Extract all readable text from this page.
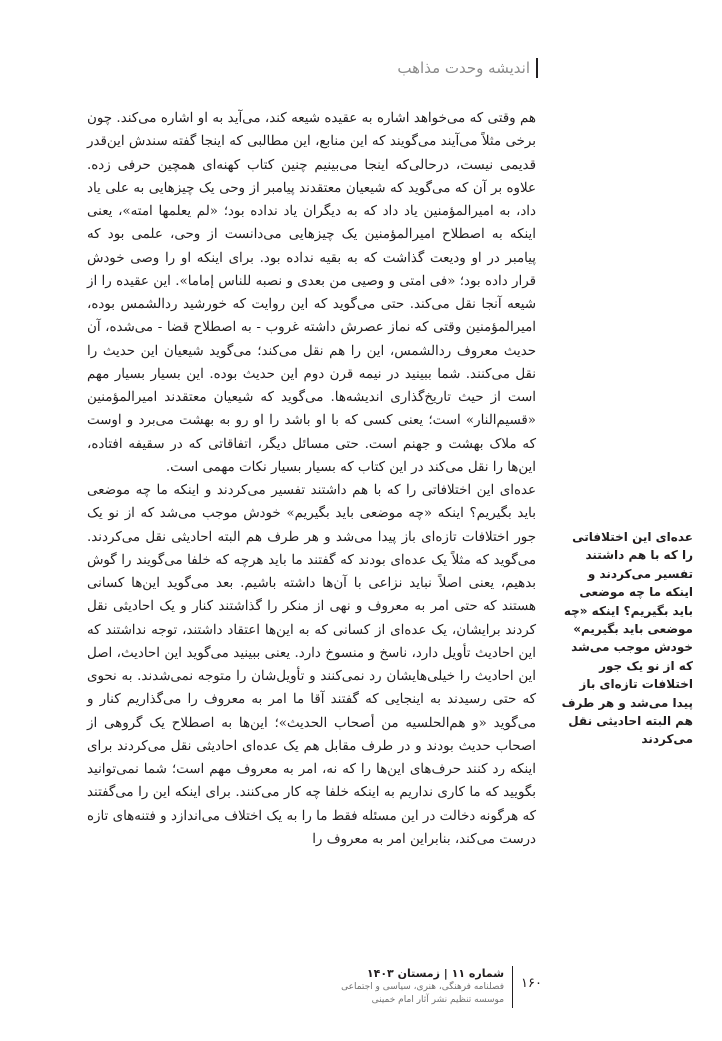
اندیشه وحدت مذاهب

هم وقتی که می‌خواهد اشاره به عقیده شیعه کند، می‌آید به او اشاره می‌کند. چون برخی مثلاً می‌آیند می‌گویند که این منابع، این مطالبی که اینجا گفته سندش این‌قدر قدیمی نیست، درحالی‌که اینجا می‌بینیم چنین کتاب کهنه‌ای همچین حرفی زده. علاوه بر آن که می‌گوید که شیعیان معتقدند پیامبر از وحی یک چیزهایی به علی یاد داد، به امیرالمؤمنین یاد داد که به دیگران یاد نداده بود؛ «لم یعلمها امته»، یعنی اینکه به اصطلاح امیرالمؤمنین یک چیزهایی می‌دانست از وحی، علمی بود که پیامبر در او ودیعت گذاشت که به بقیه نداده بود. برای اینکه او را وصی خودش قرار داده بود؛ «فی امتی و وصیی من بعدی و نصبه للناس إماما». این عقیده را از شیعه آنجا نقل می‌کند. حتی می‌گوید که این روایت که خورشید ردالشمس بوده، امیرالمؤمنین وقتی که نماز عصرش داشته غروب - به اصطلاح قضا - می‌شده، آن حدیث معروف ردالشمس، این را هم نقل می‌کند؛ می‌گوید شیعیان این حدیث را نقل می‌کنند. شما ببینید در نیمه قرن دوم این حدیث بوده. این بسیار بسیار مهم است از حیث تاریخ‌گذاری اندیشه‌ها. می‌گوید که شیعیان معتقدند امیرالمؤمنین «قسیم‌النار» است؛ یعنی کسی که با او باشد را او رو به بهشت می‌برد و اوست که ملاک بهشت و جهنم است. حتی مسائل دیگر، اتفاقاتی که در سقیفه افتاده، این‌ها را نقل می‌کند در این کتاب که بسیار بسیار نکات مهمی است.

عده‌ای این اختلافاتی را که با هم داشتند تفسیر می‌کردند و اینکه ما چه موضعی باید بگیریم؟ اینکه «چه موضعی باید بگیریم» خودش موجب می‌شد که از نو یک جور اختلافات تازه‌ای باز پیدا می‌شد و هر طرف هم البته احادیثی نقل می‌کردند. می‌گوید که مثلاً یک عده‌ای بودند که گفتند ما باید هرچه که خلفا می‌گویند را گوش بدهیم، یعنی اصلاً نباید نزاعی با آن‌ها داشته باشیم. بعد می‌گوید این‌ها کسانی هستند که حتی امر به معروف و نهی از منکر را گذاشتند کنار و یک احادیثی نقل کردند برایشان، یک عده‌ای از کسانی که به این‌ها اعتقاد داشتند، توجه نداشتند که این احادیث تأویل دارد، ناسخ و منسوخ دارد. یعنی ببینید می‌گوید این احادیث، اصل این احادیث را خیلی‌هایشان رد نمی‌کنند و تأویل‌شان را متوجه نمی‌شدند. به نحوی که حتی رسیدند به اینجایی که گفتند آقا ما امر به معروف را می‌گذاریم کنار و می‌گوید «و هم‌الحلسیه من أصحاب الحدیث»؛ این‌ها به اصطلاح یک گروهی از اصحاب حدیث بودند و در طرف مقابل هم یک عده‌ای احادیثی نقل می‌کردند برای اینکه رد کنند حرف‌های این‌ها را که نه، امر به معروف مهم است؛ شما نمی‌توانید بگویید که ما کاری نداریم به اینکه خلفا چه کار می‌کنند. برای اینکه این را می‌گفتند که هرگونه دخالت در این مسئله فقط ما را به یک اختلاف می‌اندازد و فتنه‌های تازه درست می‌کند، بنابراین امر به معروف را

عده‌ای این اختلافاتی را که با هم داشتند تفسیر می‌کردند و اینکه ما چه موضعی باید بگیریم؟ اینکه «چه موضعی باید بگیریم» خودش موجب می‌شد که از نو یک جور اختلافات تازه‌ای باز پیدا می‌شد و هر طرف هم البته احادیثی نقل می‌کردند
۱۶۰
شماره ۱۱ | زمستان ۱۴۰۳
فصلنامه فرهنگی، هنری، سیاسی و اجتماعی
موسسه تنظیم نشر آثار امام خمینی
